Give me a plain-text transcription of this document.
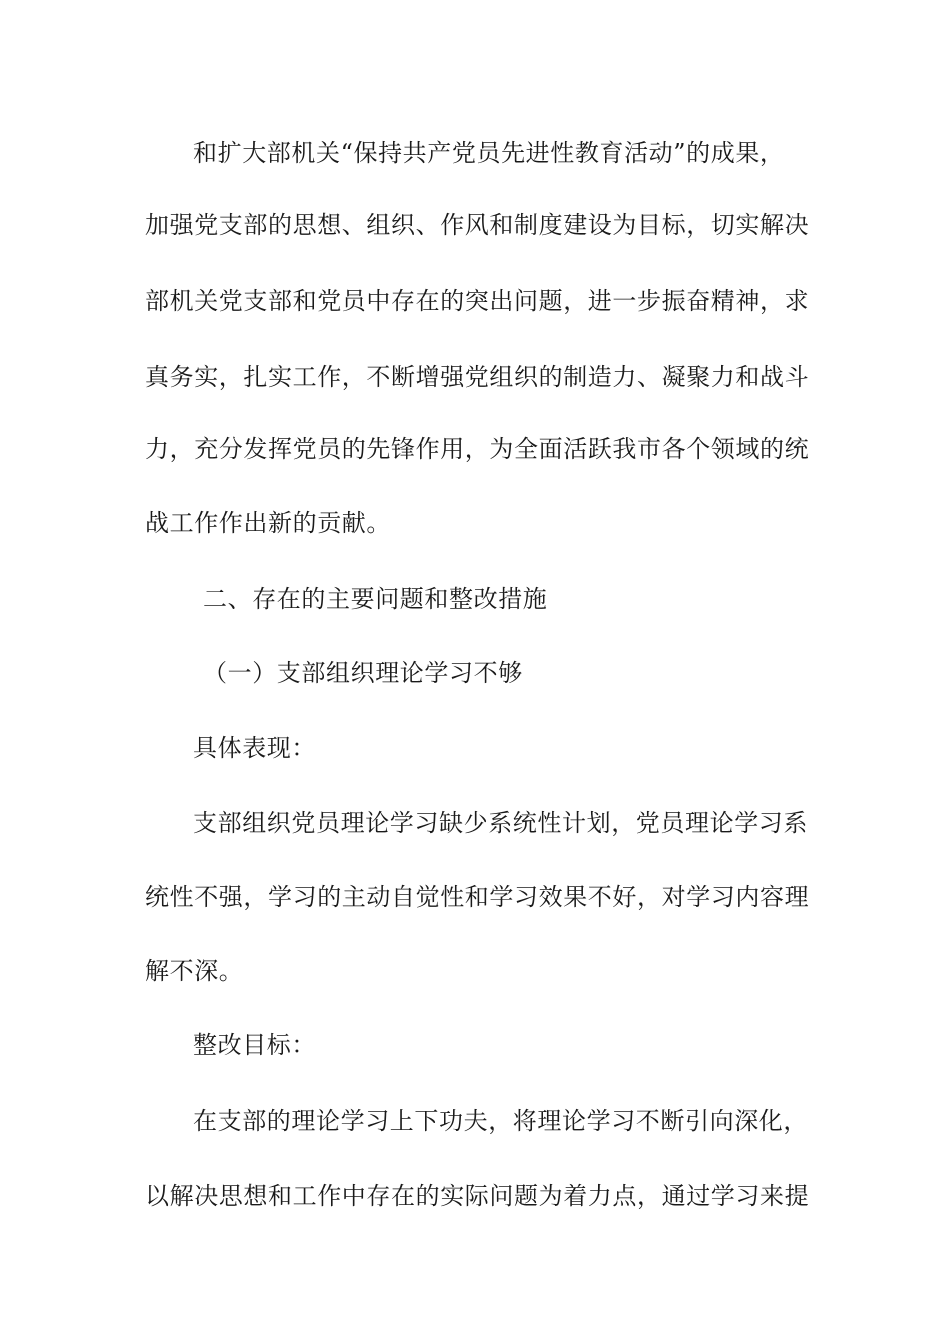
和扩大部机关“保持共产党员先进性教育活动”的成果，
加强党支部的思想、组织、作风和制度建设为目标，切实解决
部机关党支部和党员中存在的突出问题，进一步振奋精神，求
真务实，扎实工作，不断增强党组织的制造力、凝聚力和战斗
力，充分发挥党员的先锋作用，为全面活跃我市各个领域的统
战工作作出新的贡献。
二、存在的主要问题和整改措施
（一）支部组织理论学习不够
具体表现：
支部组织党员理论学习缺少系统性计划，党员理论学习系
统性不强，学习的主动自觉性和学习效果不好，对学习内容理
解不深。
整改目标：
在支部的理论学习上下功夫，将理论学习不断引向深化，
以解决思想和工作中存在的实际问题为着力点，通过学习来提
